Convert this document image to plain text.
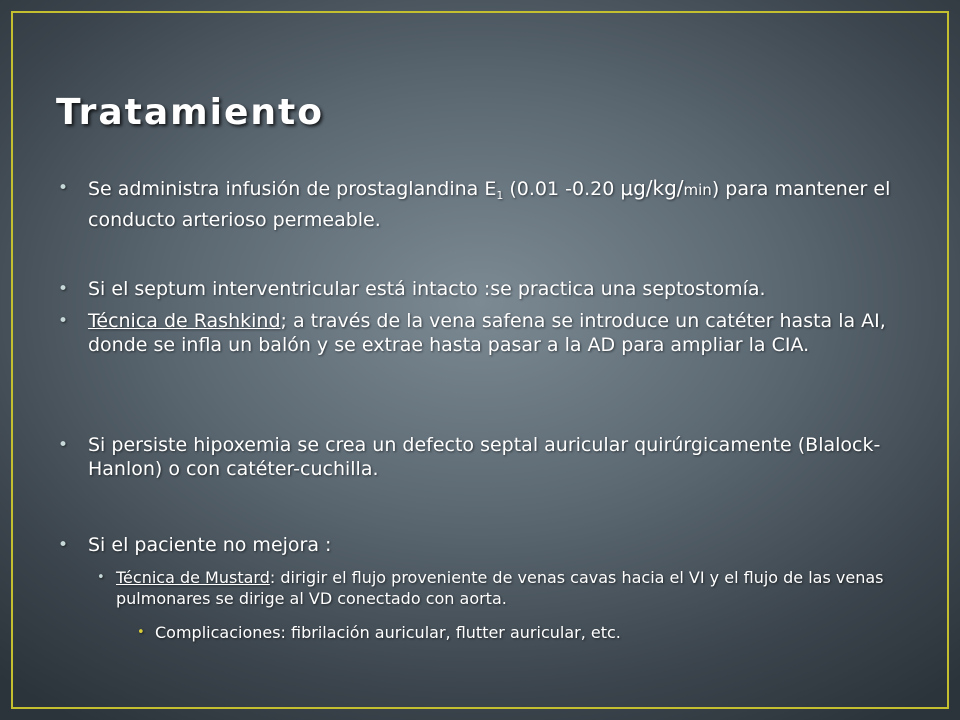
Tratamiento

• Se administra infusión de prostaglandina $E_1$ (0.01 -0.20 μg/kg/min) para mantener el conducto arterioso permeable.

• Si el septum interventricular está intacto :se practica una septostomía.

• Técnica de Rashkind; a través de la vena safena se introduce un catéter hasta la AI, donde se infla un balón y se extrae hasta pasar a la AD para ampliar la CIA.

• Si persiste hipoxemia se crea un defecto septal auricular quirúrgicamente (Blalock-Hanlon) o con catéter-cuchilla.

• Si el paciente no mejora :

• Técnica de Mustard: dirigir el flujo proveniente de venas cavas hacia el VI y el flujo de las venas pulmonares se dirige al VD conectado con aorta.

• Complicaciones: fibrilación auricular, flutter auricular, etc.
